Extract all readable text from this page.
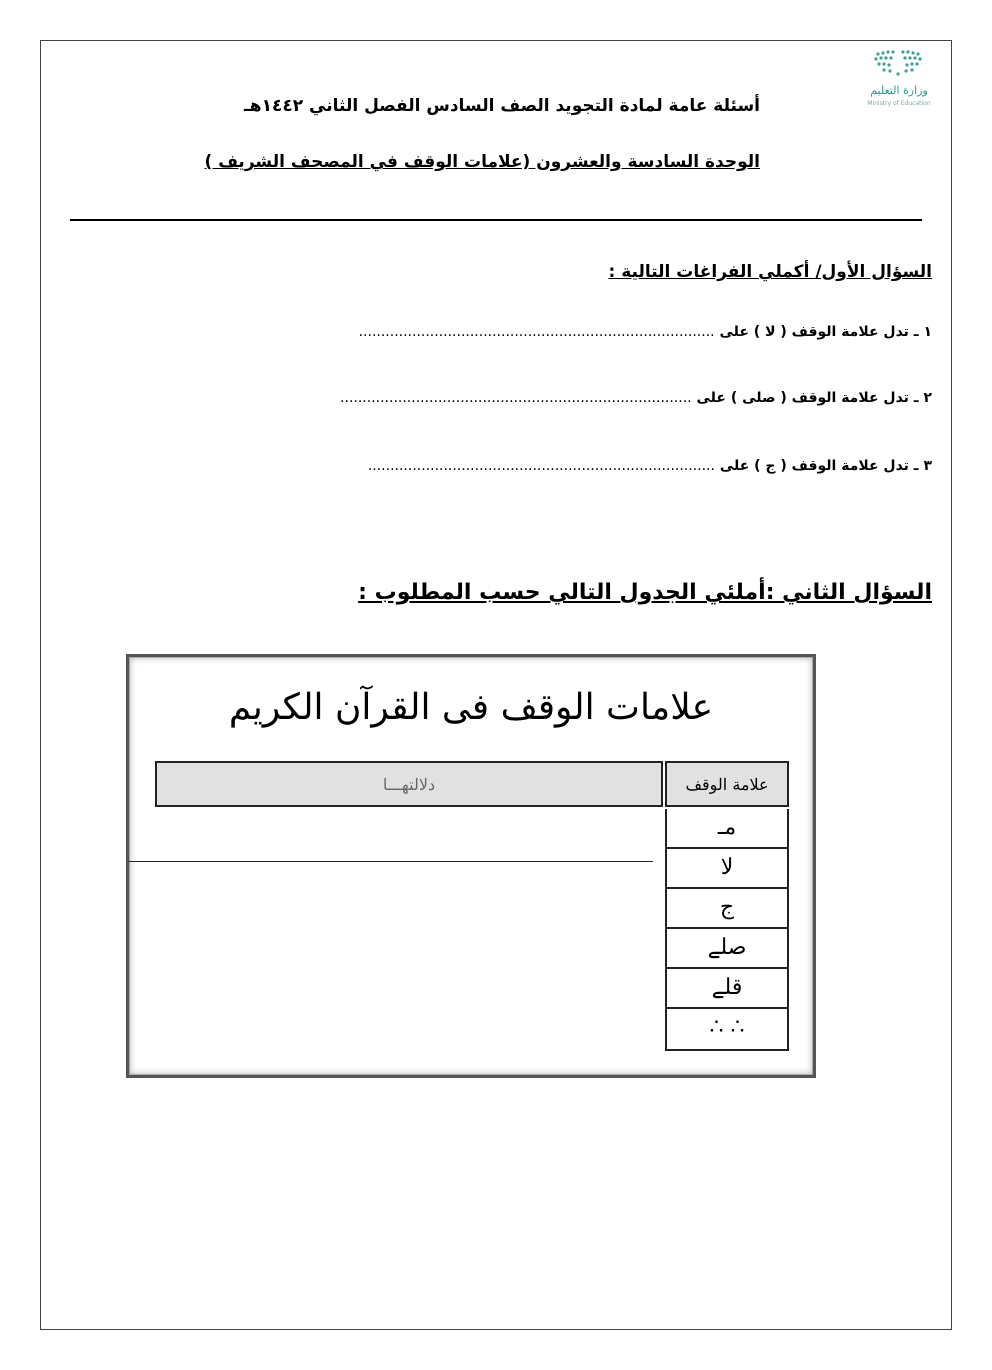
وزارة التعليم
Ministry of Education
أسئلة عامة لمادة التجويد الصف السادس الفصل الثاني ١٤٤٢هـ
الوحدة السادسة والعشرون (علامات الوقف في المصحف الشريف )
السؤال الأول/ أكملي الفراغات التالية :
١ ـ تدل علامة الوقف ( لا ) على ................................................................................
٢ ـ تدل علامة الوقف ( صلى ) على ...............................................................................
٣ ـ تدل علامة الوقف ( ج ) على ..............................................................................
السؤال الثاني :أملئي الجدول التالي حسب المطلوب :
علامات الوقف فى القرآن الكريم
دلالتهـــا	علامة الوقف
مـ
لا
ج
صلے
قلے
∴ ∴
